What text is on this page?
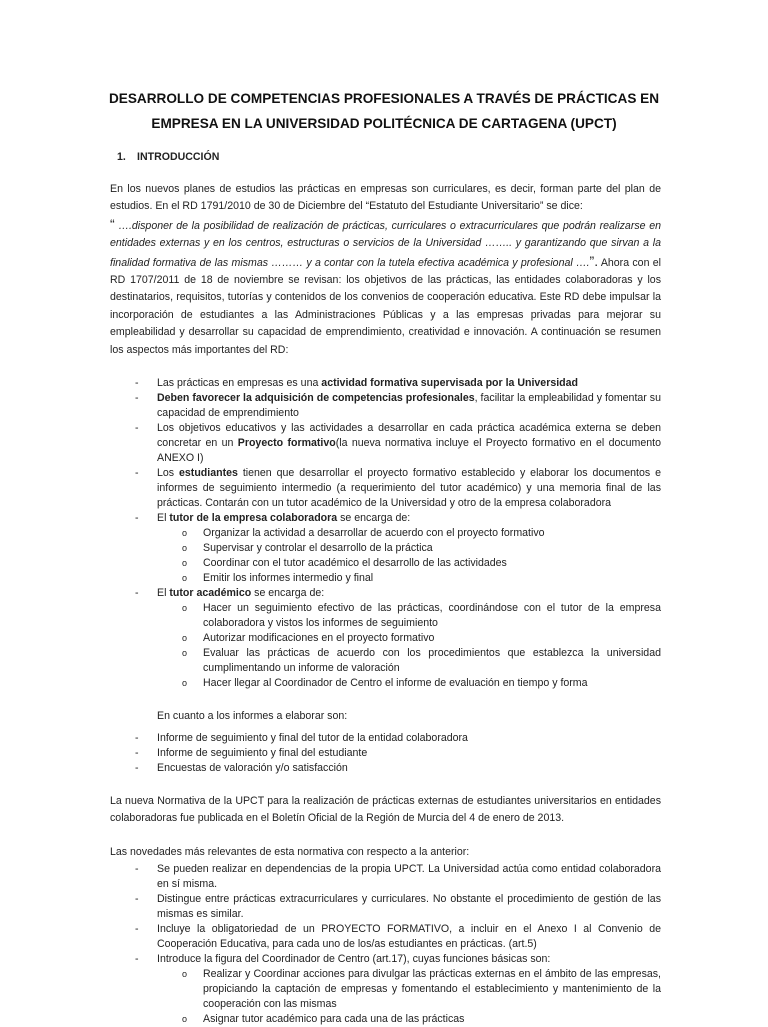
DESARROLLO DE COMPETENCIAS PROFESIONALES A TRAVÉS DE PRÁCTICAS EN
EMPRESA EN LA UNIVERSIDAD POLITÉCNICA DE CARTAGENA (UPCT)
1. INTRODUCCIÓN

En los nuevos planes de estudios las prácticas en empresas son curriculares, es decir, forman parte del plan de estudios. En el RD 1791/2010 de 30 de Diciembre del “Estatuto del Estudiante Universitario” se dice:
“ ….disponer de la posibilidad de realización de prácticas, curriculares o extracurriculares que podrán realizarse en entidades externas y en los centros, estructuras o servicios de la Universidad …….. y garantizando que sirvan a la finalidad formativa de las mismas ……… y a contar con la tutela efectiva académica y profesional ….”. Ahora con el RD 1707/2011 de 18 de noviembre se revisan: los objetivos de las prácticas, las entidades colaboradoras y los destinatarios, requisitos, tutorías y contenidos de los convenios de cooperación educativa. Este RD debe impulsar la incorporación de estudiantes a las Administraciones Públicas y a las empresas privadas para mejorar su empleabilidad y desarrollar su capacidad de emprendimiento, creatividad e innovación. A continuación se resumen los aspectos más importantes del RD:

- Las prácticas en empresas es una actividad formativa supervisada por la Universidad
- Deben favorecer la adquisición de competencias profesionales, facilitar la empleabilidad y fomentar su capacidad de emprendimiento
- Los objetivos educativos y las actividades a desarrollar en cada práctica académica externa se deben concretar en un Proyecto formativo(la nueva normativa incluye el Proyecto formativo en el documento ANEXO I)
- Los estudiantes tienen que desarrollar el proyecto formativo establecido y elaborar los documentos e informes de seguimiento intermedio (a requerimiento del tutor académico) y una memoria final de las prácticas. Contarán con un tutor académico de la Universidad y otro de la empresa colaboradora
- El tutor de la empresa colaboradora se encarga de:
o Organizar la actividad a desarrollar de acuerdo con el proyecto formativo
o Supervisar y controlar el desarrollo de la práctica
o Coordinar con el tutor académico el desarrollo de las actividades
o Emitir los informes intermedio y final
- El tutor académico se encarga de:
o Hacer un seguimiento efectivo de las prácticas, coordinándose con el tutor de la empresa colaboradora y vistos los informes de seguimiento
o Autorizar modificaciones en el proyecto formativo
o Evaluar las prácticas de acuerdo con los procedimientos que establezca la universidad cumplimentando un informe de valoración
o Hacer llegar al Coordinador de Centro el informe de evaluación en tiempo y forma

En cuanto a los informes a elaborar son:

- Informe de seguimiento y final del tutor de la entidad colaboradora
- Informe de seguimiento y final del estudiante
- Encuestas de valoración y/o satisfacción

La nueva Normativa de la UPCT para la realización de prácticas externas de estudiantes universitarios en entidades colaboradoras fue publicada en el Boletín Oficial de la Región de Murcia del 4 de enero de 2013.

Las novedades más relevantes de esta normativa con respecto a la anterior:

- Se pueden realizar en dependencias de la propia UPCT. La Universidad actúa como entidad colaboradora en sí misma.
- Distingue entre prácticas extracurriculares y curriculares. No obstante el procedimiento de gestión de las mismas es similar.
- Incluye la obligatoriedad de un PROYECTO FORMATIVO, a incluir en el Anexo I al Convenio de Cooperación Educativa, para cada uno de los/as estudiantes en prácticas. (art.5)
- Introduce la figura del Coordinador de Centro (art.17), cuyas funciones básicas son:
o Realizar y Coordinar acciones para divulgar las prácticas externas en el ámbito de las empresas, propiciando la captación de empresas y fomentando el establecimiento y mantenimiento de la cooperación con las mismas
o Asignar tutor académico para cada una de las prácticas
